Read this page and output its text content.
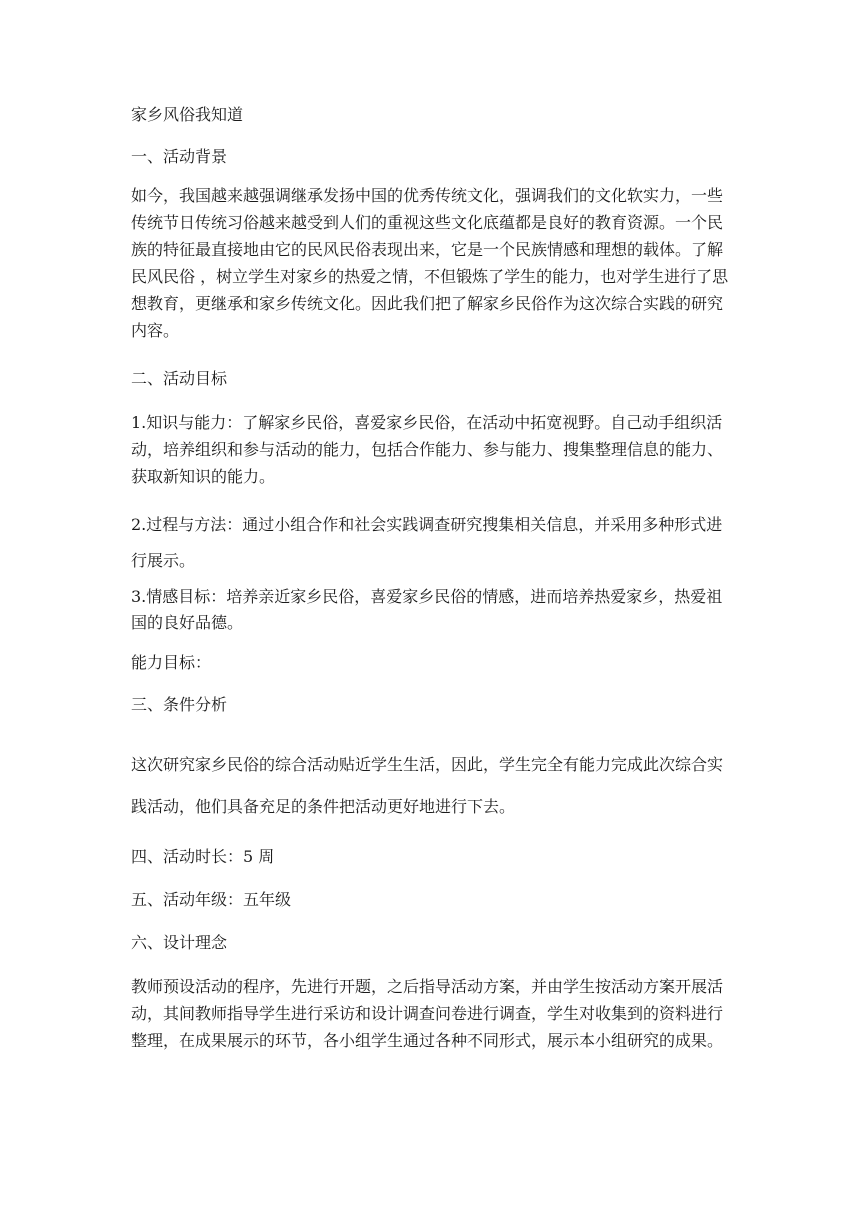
家乡风俗我知道

一、活动背景

如今，我国越来越强调继承发扬中国的优秀传统文化，强调我们的文化软实力，一些传统节日传统习俗越来越受到人们的重视这些文化底蕴都是良好的教育资源。一个民族的特征最直接地由它的民风民俗表现出来，它是一个民族情感和理想的载体。了解民风民俗 ，树立学生对家乡的热爱之情，不但锻炼了学生的能力，也对学生进行了思想教育，更继承和家乡传统文化。因此我们把了解家乡民俗作为这次综合实践的研究内容。

二、活动目标

1.知识与能力：了解家乡民俗，喜爱家乡民俗，在活动中拓宽视野。自己动手组织活动，培养组织和参与活动的能力，包括合作能力、参与能力、搜集整理信息的能力、获取新知识的能力。

2.过程与方法：通过小组合作和社会实践调查研究搜集相关信息，并采用多种形式进行展示。

3.情感目标：培养亲近家乡民俗，喜爱家乡民俗的情感，进而培养热爱家乡，热爱祖国的良好品德。

能力目标：

三、条件分析

这次研究家乡民俗的综合活动贴近学生生活，因此，学生完全有能力完成此次综合实践活动，他们具备充足的条件把活动更好地进行下去。

四、活动时长：5 周

五、活动年级：五年级

六、设计理念

教师预设活动的程序，先进行开题，之后指导活动方案，并由学生按活动方案开展活动，其间教师指导学生进行采访和设计调查问卷进行调查，学生对收集到的资料进行整理，在成果展示的环节，各小组学生通过各种不同形式，展示本小组研究的成果。
